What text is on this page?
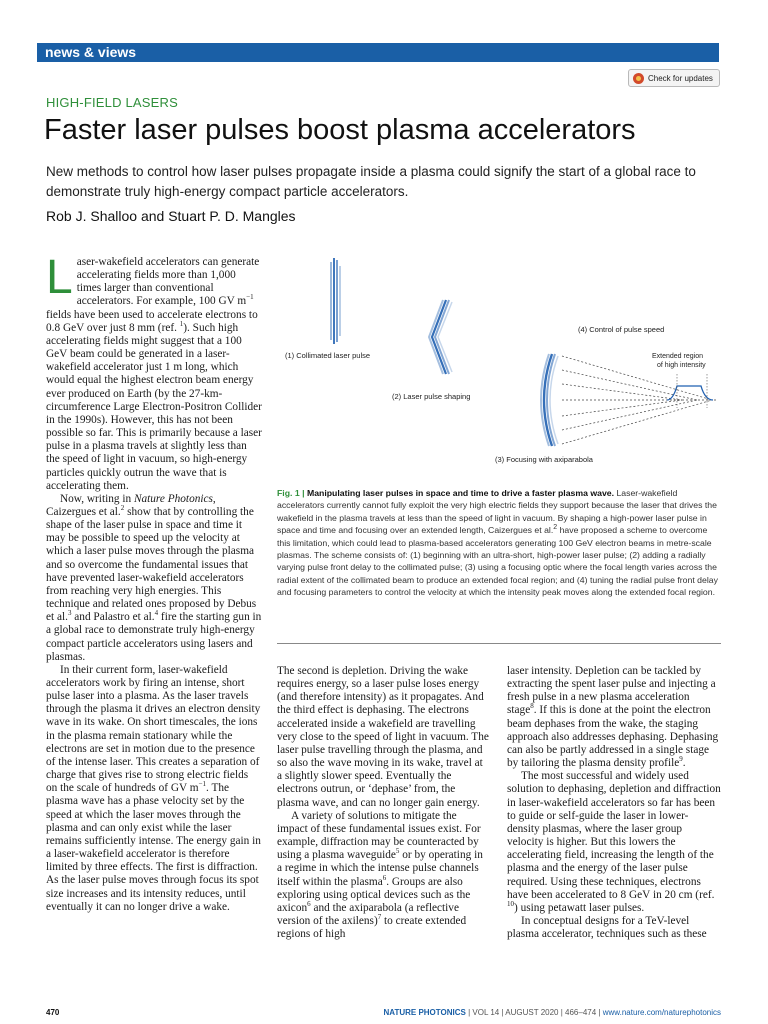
news & views
Check for updates
HIGH-FIELD LASERS
Faster laser pulses boost plasma accelerators
New methods to control how laser pulses propagate inside a plasma could signify the start of a global race to demonstrate truly high-energy compact particle accelerators.
Rob J. Shalloo and Stuart P. D. Mangles

Laser-wakefield accelerators can generate accelerating fields more than 1,000 times larger than conventional accelerators. For example, 100 GV $m^{-1}$ fields have been used to accelerate electrons to 0.8 GeV over just 8 mm (ref. $^1$). Such high accelerating fields might suggest that a 100 GeV beam could be generated in a laser-wakefield accelerator just 1 m long, which would equal the highest electron beam energy ever produced on Earth (by the 27-km-circumference Large Electron-Positron Collider in the 1990s). However, this has not been possible so far. This is primarily because a laser pulse in a plasma travels at slightly less than the speed of light in vacuum, so high-energy particles quickly outrun the wave that is accelerating them.

Now, writing in Nature Photonics, Caizergues et al.$^2$ show that by controlling the shape of the laser pulse in space and time it may be possible to speed up the velocity at which a laser pulse moves through the plasma and so overcome the fundamental issues that have prevented laser-wakefield accelerators from reaching very high energies. This technique and related ones proposed by Debus et al.$^3$ and Palastro et al.$^4$ fire the starting gun in a global race to demonstrate truly high-energy compact particle accelerators using lasers and plasmas.

In their current form, laser-wakefield accelerators work by firing an intense, short pulse laser into a plasma. As the laser travels through the plasma it drives an electron density wave in its wake. On short timescales, the ions in the plasma remain stationary while the electrons are set in motion due to the presence of the intense laser. This creates a separation of charge that gives rise to strong electric fields on the scale of hundreds of GV $m^{-1}$. The plasma wave has a phase velocity set by the speed at which the laser moves through the plasma and can only exist while the laser remains sufficiently intense. The energy gain in a laser-wakefield accelerator is therefore limited by three effects. The first is diffraction. As the laser pulse moves through focus its spot size increases and its intensity reduces, until eventually it can no longer drive a wake.

(1) Collimated laser pulse
(2) Laser pulse shaping
(3) Focusing with axiparabola
(4) Control of pulse speed
Extended region
of high intensity
Fig. 1 | Manipulating laser pulses in space and time to drive a faster plasma wave. Laser-wakefield accelerators currently cannot fully exploit the very high electric fields they support because the laser that drives the wakefield in the plasma travels at less than the speed of light in vacuum. By shaping a high-power laser pulse in space and time and focusing over an extended length, Caizergues et al.$^2$ have proposed a scheme to overcome this limitation, which could lead to plasma-based accelerators generating 100 GeV electron beams in metre-scale plasmas. The scheme consists of: (1) beginning with an ultra-short, high-power laser pulse; (2) adding a radially varying pulse front delay to the collimated pulse; (3) using a focusing optic where the focal length varies across the radial extent of the collimated beam to produce an extended focal region; and (4) tuning the radial pulse front delay and focusing parameters to control the velocity at which the intensity peak moves along the extended focal region.

The second is depletion. Driving the wake requires energy, so a laser pulse loses energy (and therefore intensity) as it propagates. And the third effect is dephasing. The electrons accelerated inside a wakefield are travelling very close to the speed of light in vacuum. The laser pulse travelling through the plasma, and so also the wave moving in its wake, travel at a slightly slower speed. Eventually the electrons outrun, or ‘dephase’ from, the plasma wave, and can no longer gain energy.

A variety of solutions to mitigate the impact of these fundamental issues exist. For example, diffraction may be counteracted by using a plasma waveguide$^5$ or by operating in a regime in which the intense pulse channels itself within the plasma$^6$. Groups are also exploring using optical devices such as the axicon$^6$ and the axiparabola (a reflective version of the axilens)$^7$ to create extended regions of high

laser intensity. Depletion can be tackled by extracting the spent laser pulse and injecting a fresh pulse in a new plasma acceleration stage$^8$. If this is done at the point the electron beam dephases from the wake, the staging approach also addresses dephasing. Dephasing can also be partly addressed in a single stage by tailoring the plasma density profile$^9$.

The most successful and widely used solution to dephasing, depletion and diffraction in laser-wakefield accelerators so far has been to guide or self-guide the laser in lower-density plasmas, where the laser group velocity is higher. But this lowers the accelerating field, increasing the length of the plasma and the energy of the laser pulse required. Using these techniques, electrons have been accelerated to 8 GeV in 20 cm (ref. $^{10}$) using petawatt laser pulses.

In conceptual designs for a TeV-level plasma accelerator, techniques such as these

470	NATURE PHOTONICS | VOL 14 | AUGUST 2020 | 466–474 | www.nature.com/naturephotonics
